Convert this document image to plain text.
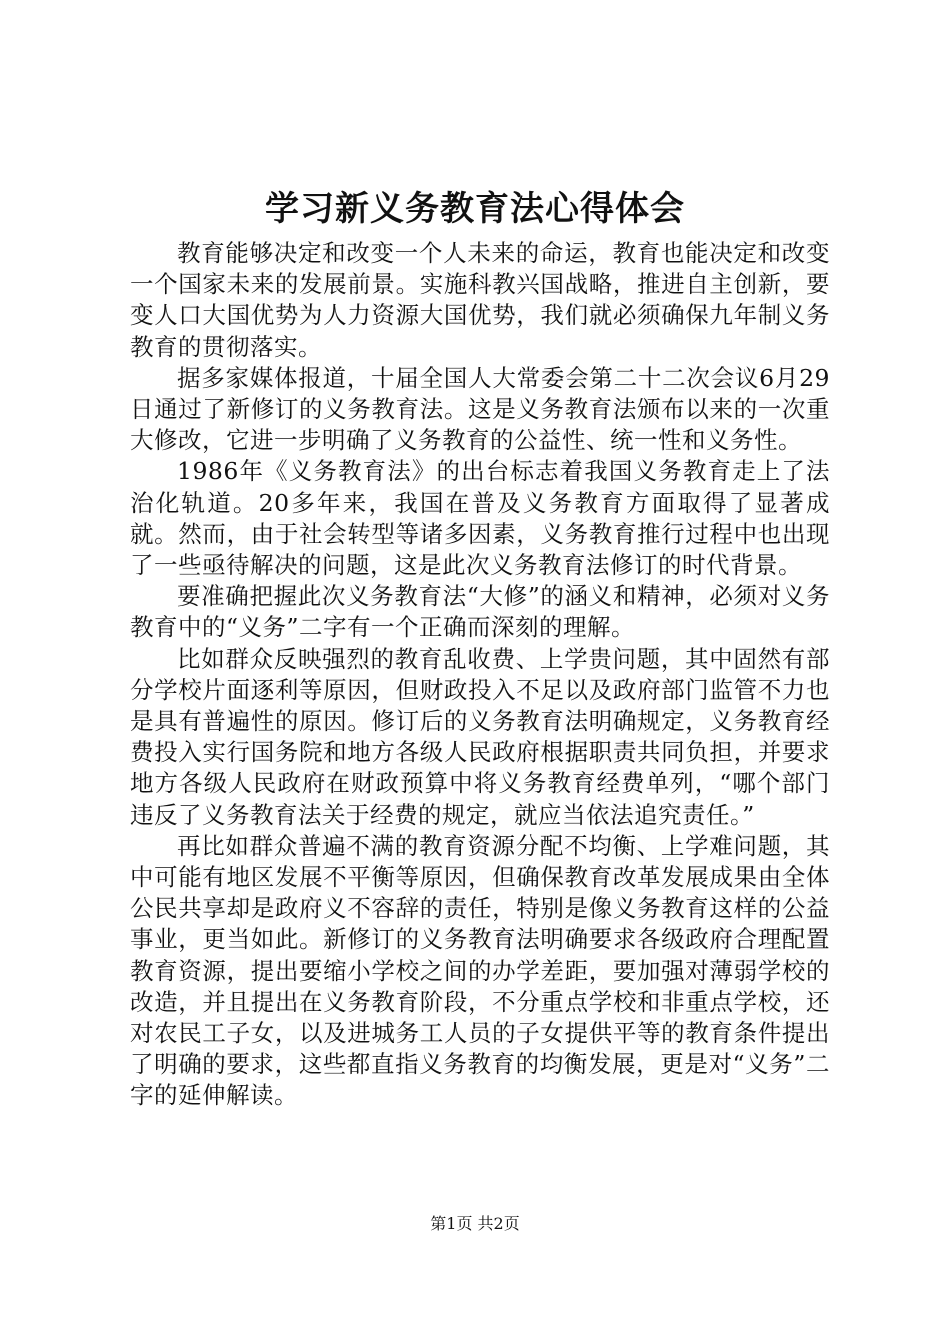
学习新义务教育法心得体会

教育能够决定和改变一个人未来的命运，教育也能决定和改变一个国家未来的发展前景。实施科教兴国战略，推进自主创新，要变人口大国优势为人力资源大国优势，我们就必须确保九年制义务教育的贯彻落实。

据多家媒体报道，十届全国人大常委会第二十二次会议6月29日通过了新修订的义务教育法。这是义务教育法颁布以来的一次重大修改，它进一步明确了义务教育的公益性、统一性和义务性。

1986年《义务教育法》的出台标志着我国义务教育走上了法治化轨道。20多年来，我国在普及义务教育方面取得了显著成就。然而，由于社会转型等诸多因素，义务教育推行过程中也出现了一些亟待解决的问题，这是此次义务教育法修订的时代背景。

要准确把握此次义务教育法“大修”的涵义和精神，必须对义务教育中的“义务”二字有一个正确而深刻的理解。

比如群众反映强烈的教育乱收费、上学贵问题，其中固然有部分学校片面逐利等原因，但财政投入不足以及政府部门监管不力也是具有普遍性的原因。修订后的义务教育法明确规定，义务教育经费投入实行国务院和地方各级人民政府根据职责共同负担，并要求地方各级人民政府在财政预算中将义务教育经费单列，“哪个部门违反了义务教育法关于经费的规定，就应当依法追究责任。”

再比如群众普遍不满的教育资源分配不均衡、上学难问题，其中可能有地区发展不平衡等原因，但确保教育改革发展成果由全体公民共享却是政府义不容辞的责任，特别是像义务教育这样的公益事业，更当如此。新修订的义务教育法明确要求各级政府合理配置教育资源，提出要缩小学校之间的办学差距，要加强对薄弱学校的改造，并且提出在义务教育阶段，不分重点学校和非重点学校，还对农民工子女，以及进城务工人员的子女提供平等的教育条件提出了明确的要求，这些都直指义务教育的均衡发展，更是对“义务”二字的延伸解读。

第1页 共2页
